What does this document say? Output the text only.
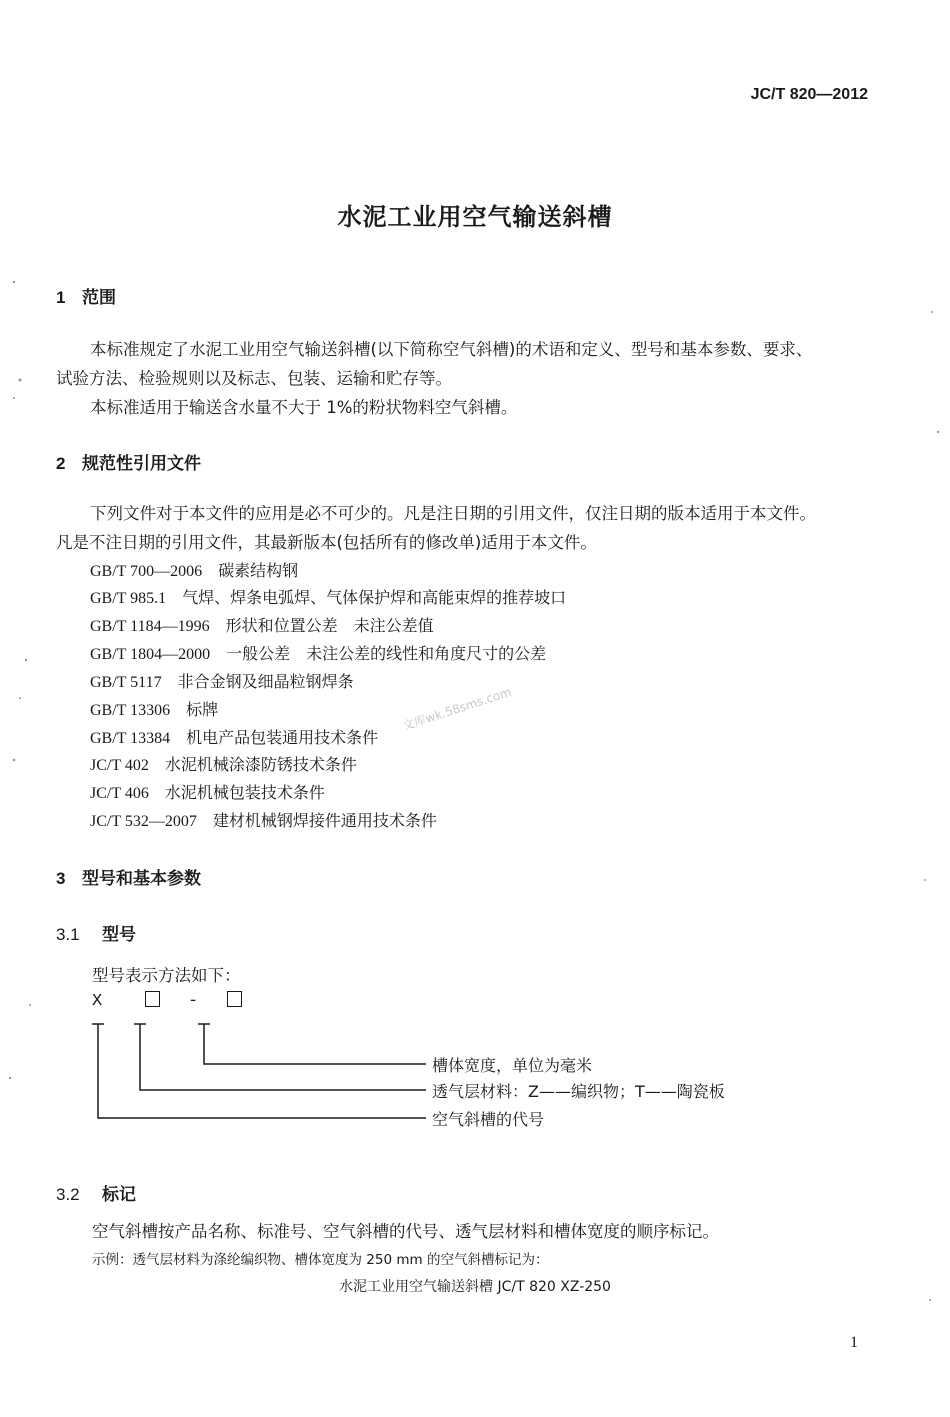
JC/T 820—2012
水泥工业用空气输送斜槽
1 范围
本标准规定了水泥工业用空气输送斜槽(以下简称空气斜槽)的术语和定义、型号和基本参数、要求、
试验方法、检验规则以及标志、包装、运输和贮存等。
本标准适用于输送含水量不大于 1%的粉状物料空气斜槽。
2 规范性引用文件
下列文件对于本文件的应用是必不可少的。凡是注日期的引用文件，仅注日期的版本适用于本文件。
凡是不注日期的引用文件，其最新版本(包括所有的修改单)适用于本文件。
GB/T 700—2006　 碳素结构钢
GB/T 985.1　 气焊、焊条电弧焊、气体保护焊和高能束焊的推荐坡口
GB/T 1184—1996　 形状和位置公差　未注公差值
GB/T 1804—2000　 一般公差　未注公差的线性和角度尺寸的公差
GB/T 5117　 非合金钢及细晶粒钢焊条
GB/T 13306　 标牌
GB/T 13384　 机电产品包装通用技术条件
JC/T 402　 水泥机械涂漆防锈技术条件
JC/T 406　 水泥机械包装技术条件
JC/T 532—2007　 建材机械钢焊接件通用技术条件
文库wk.58sms.com
3 型号和基本参数
3.1 型号
型号表示方法如下：
X	-
槽体宽度，单位为毫米
透气层材料：Z——编织物；T——陶瓷板
空气斜槽的代号
3.2 标记
空气斜槽按产品名称、标准号、空气斜槽的代号、透气层材料和槽体宽度的顺序标记。
示例：透气层材料为涤纶编织物、槽体宽度为 250 mm 的空气斜槽标记为：
水泥工业用空气输送斜槽 JC/T 820 XZ-250
1
